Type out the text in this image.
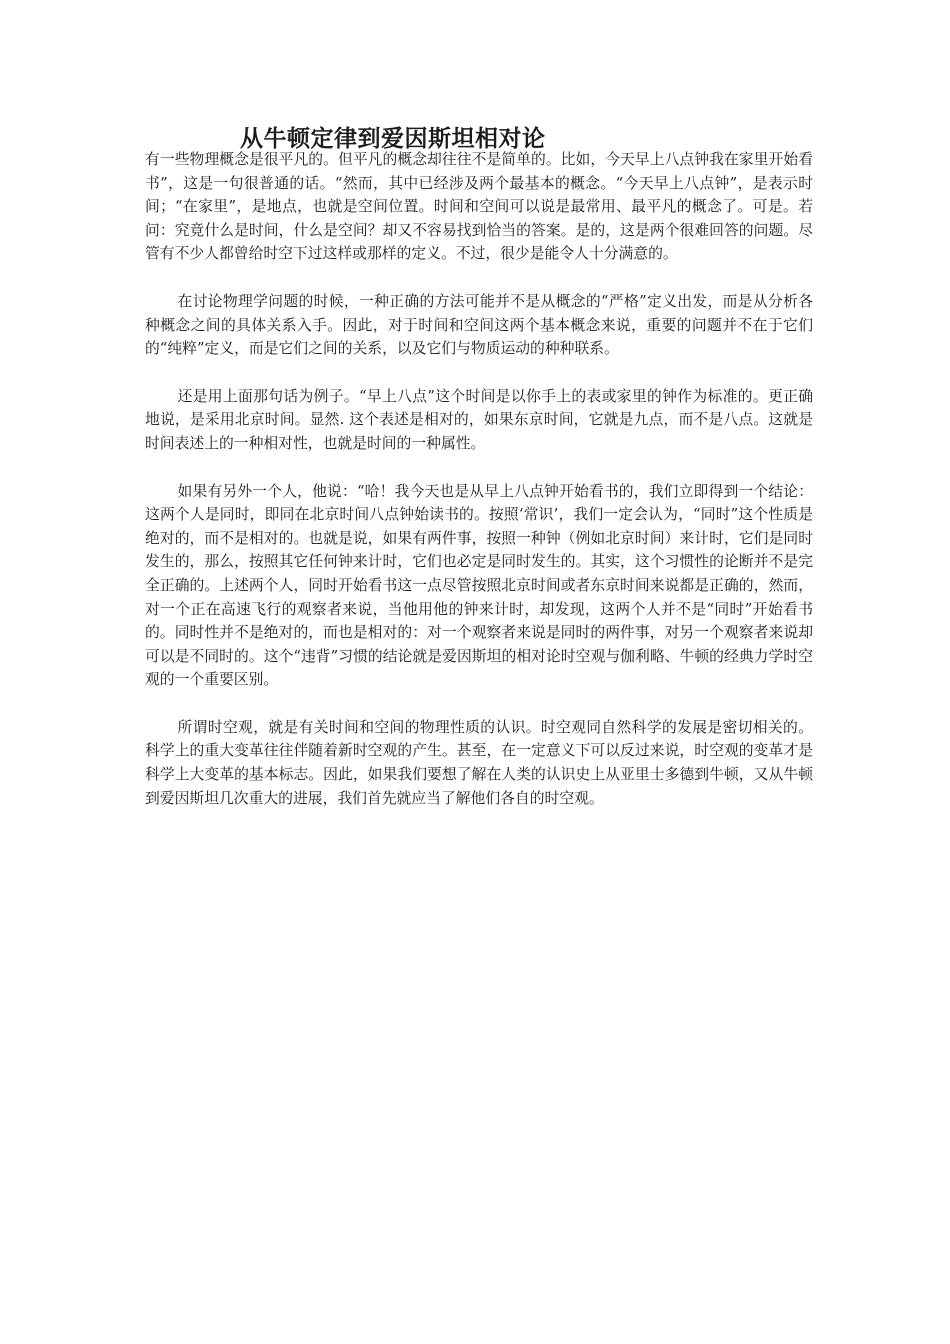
从牛顿定律到爱因斯坦相对论

有一些物理概念是很平凡的。但平凡的概念却往往不是简单的。比如，今天早上八点钟我在家里开始看书”，这是一句很普通的话。“然而，其中已经涉及两个最基本的概念。“今天早上八点钟”，是表示时间；“在家里”，是地点，也就是空间位置。时间和空间可以说是最常用、最平凡的概念了。可是。若问：究竟什么是时间，什么是空间？却又不容易找到恰当的答案。是的，这是两个很难回答的问题。尽管有不少人都曾给时空下过这样或那样的定义。不过，很少是能令人十分满意的。

在讨论物理学问题的时候，一种正确的方法可能并不是从概念的“严格”定义出发，而是从分析各种概念之间的具体关系入手。因此，对于时间和空间这两个基本概念来说，重要的问题并不在于它们的“纯粹”定义，而是它们之间的关系，以及它们与物质运动的种种联系。

还是用上面那句话为例子。“早上八点”这个时间是以你手上的表或家里的钟作为标准的。更正确地说，是采用北京时间。显然. 这个表述是相对的，如果东京时间，它就是九点，而不是八点。这就是时间表述上的一种相对性，也就是时间的一种属性。

如果有另外一个人，他说：“哈！我今天也是从早上八点钟开始看书的，我们立即得到一个结论：这两个人是同时，即同在北京时间八点钟始读书的。按照‘常识’，我们一定会认为，“同时”这个性质是绝对的，而不是相对的。也就是说，如果有两件事，按照一种钟（例如北京时间）来计时，它们是同时发生的，那么，按照其它任何钟来计时，它们也必定是同时发生的。其实，这个习惯性的论断并不是完全正确的。上述两个人，同时开始看书这一点尽管按照北京时间或者东京时间来说都是正确的，然而，对一个正在高速飞行的观察者来说，当他用他的钟来计时，却发现，这两个人并不是“同时”开始看书的。同时性并不是绝对的，而也是相对的：对一个观察者来说是同时的两件事，对另一个观察者来说却可以是不同时的。这个“违背”习惯的结论就是爱因斯坦的相对论时空观与伽利略、牛顿的经典力学时空观的一个重要区别。

所谓时空观，就是有关时间和空间的物理性质的认识。时空观同自然科学的发展是密切相关的。科学上的重大变革往往伴随着新时空观的产生。甚至，在一定意义下可以反过来说，时空观的变革才是科学上大变革的基本标志。因此，如果我们要想了解在人类的认识史上从亚里士多德到牛顿，又从牛顿到爱因斯坦几次重大的进展，我们首先就应当了解他们各自的时空观。
